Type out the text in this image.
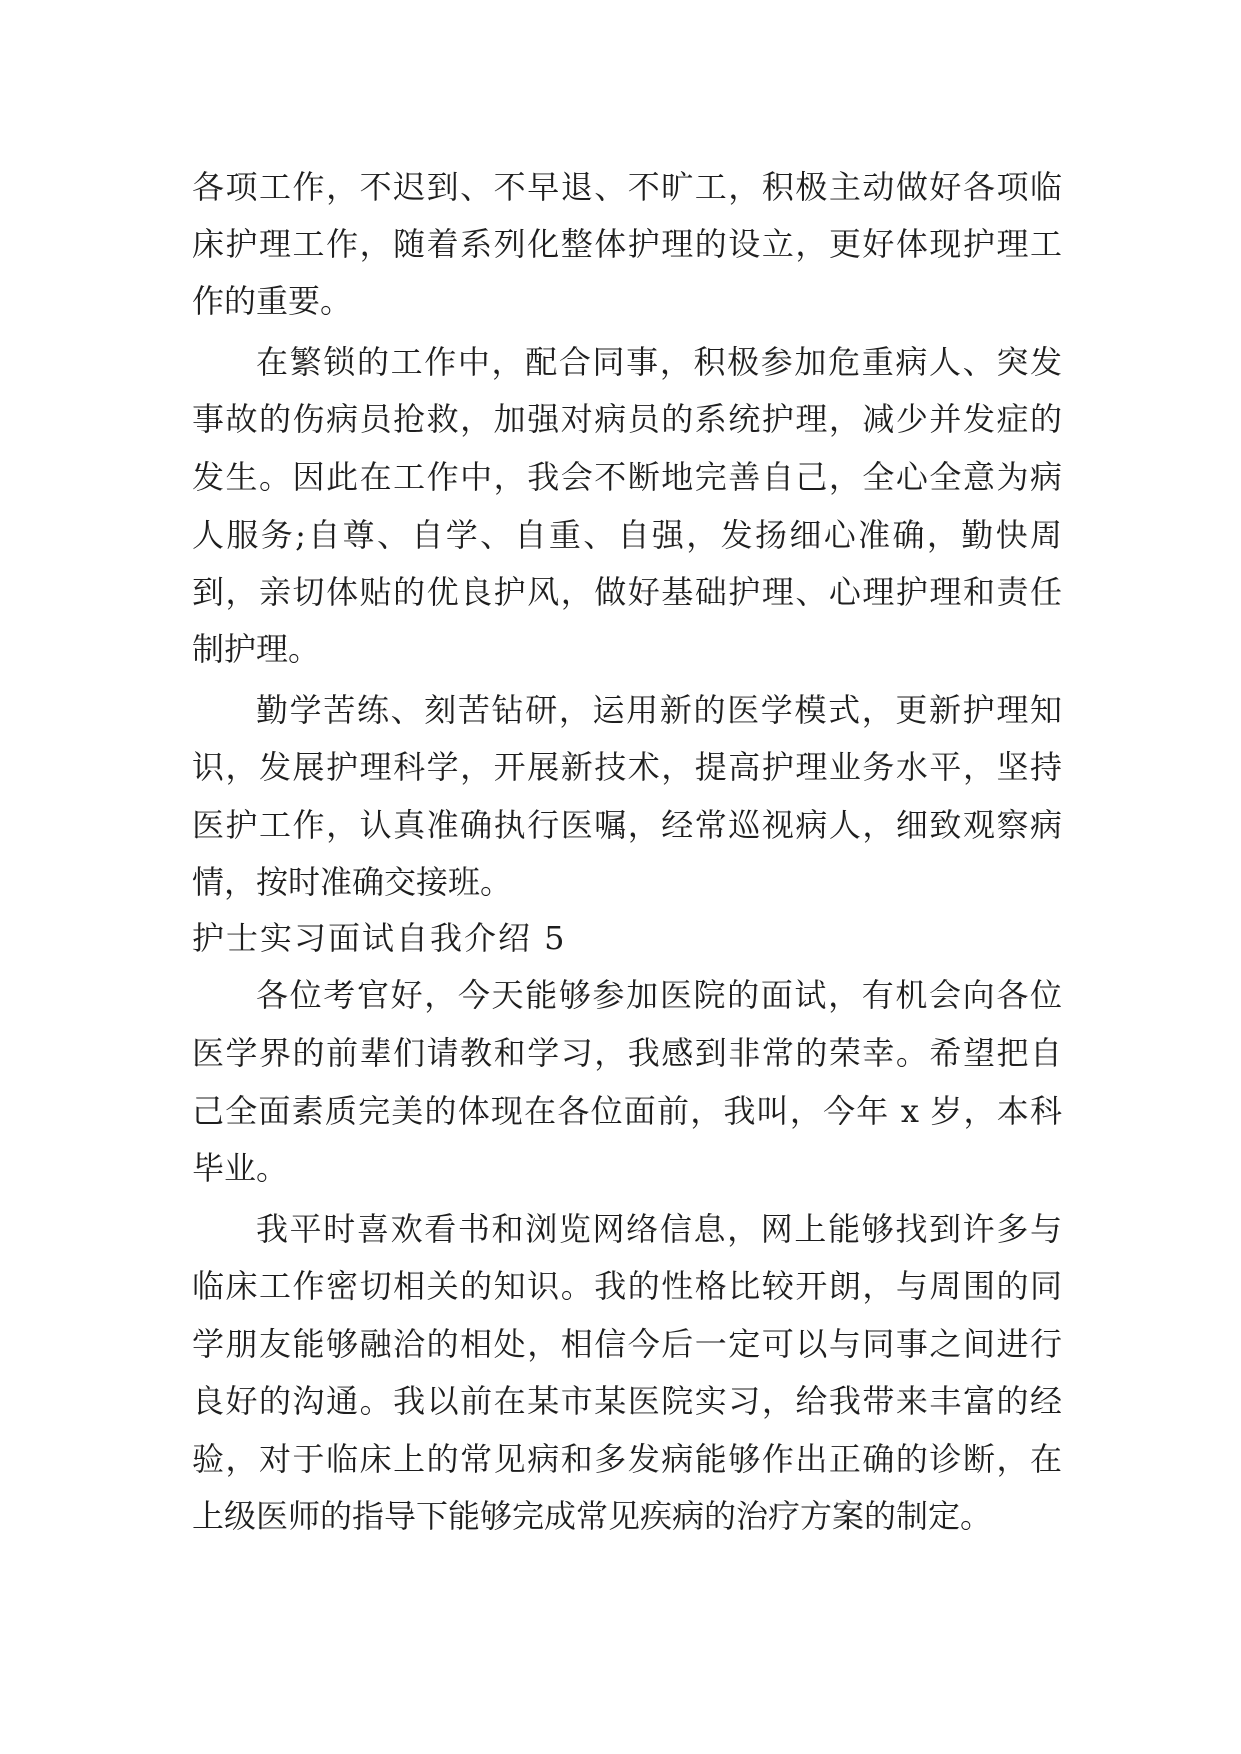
各项工作，不迟到、不早退、不旷工，积极主动做好各项临
床护理工作，随着系列化整体护理的设立，更好体现护理工
作的重要。
在繁锁的工作中，配合同事，积极参加危重病人、突发
事故的伤病员抢救，加强对病员的系统护理，减少并发症的
发生。因此在工作中，我会不断地完善自己，全心全意为病
人服务;自尊、自学、自重、自强，发扬细心准确，勤快周
到，亲切体贴的优良护风，做好基础护理、心理护理和责任
制护理。
勤学苦练、刻苦钻研，运用新的医学模式，更新护理知
识，发展护理科学，开展新技术，提高护理业务水平，坚持
医护工作，认真准确执行医嘱，经常巡视病人，细致观察病
情，按时准确交接班。
护士实习面试自我介绍 5
各位考官好，今天能够参加医院的面试，有机会向各位
医学界的前辈们请教和学习，我感到非常的荣幸。希望把自
己全面素质完美的体现在各位面前，我叫，今年 x 岁，本科
毕业。
我平时喜欢看书和浏览网络信息，网上能够找到许多与
临床工作密切相关的知识。我的性格比较开朗，与周围的同
学朋友能够融洽的相处，相信今后一定可以与同事之间进行
良好的沟通。我以前在某市某医院实习，给我带来丰富的经
验，对于临床上的常见病和多发病能够作出正确的诊断，在
上级医师的指导下能够完成常见疾病的治疗方案的制定。
